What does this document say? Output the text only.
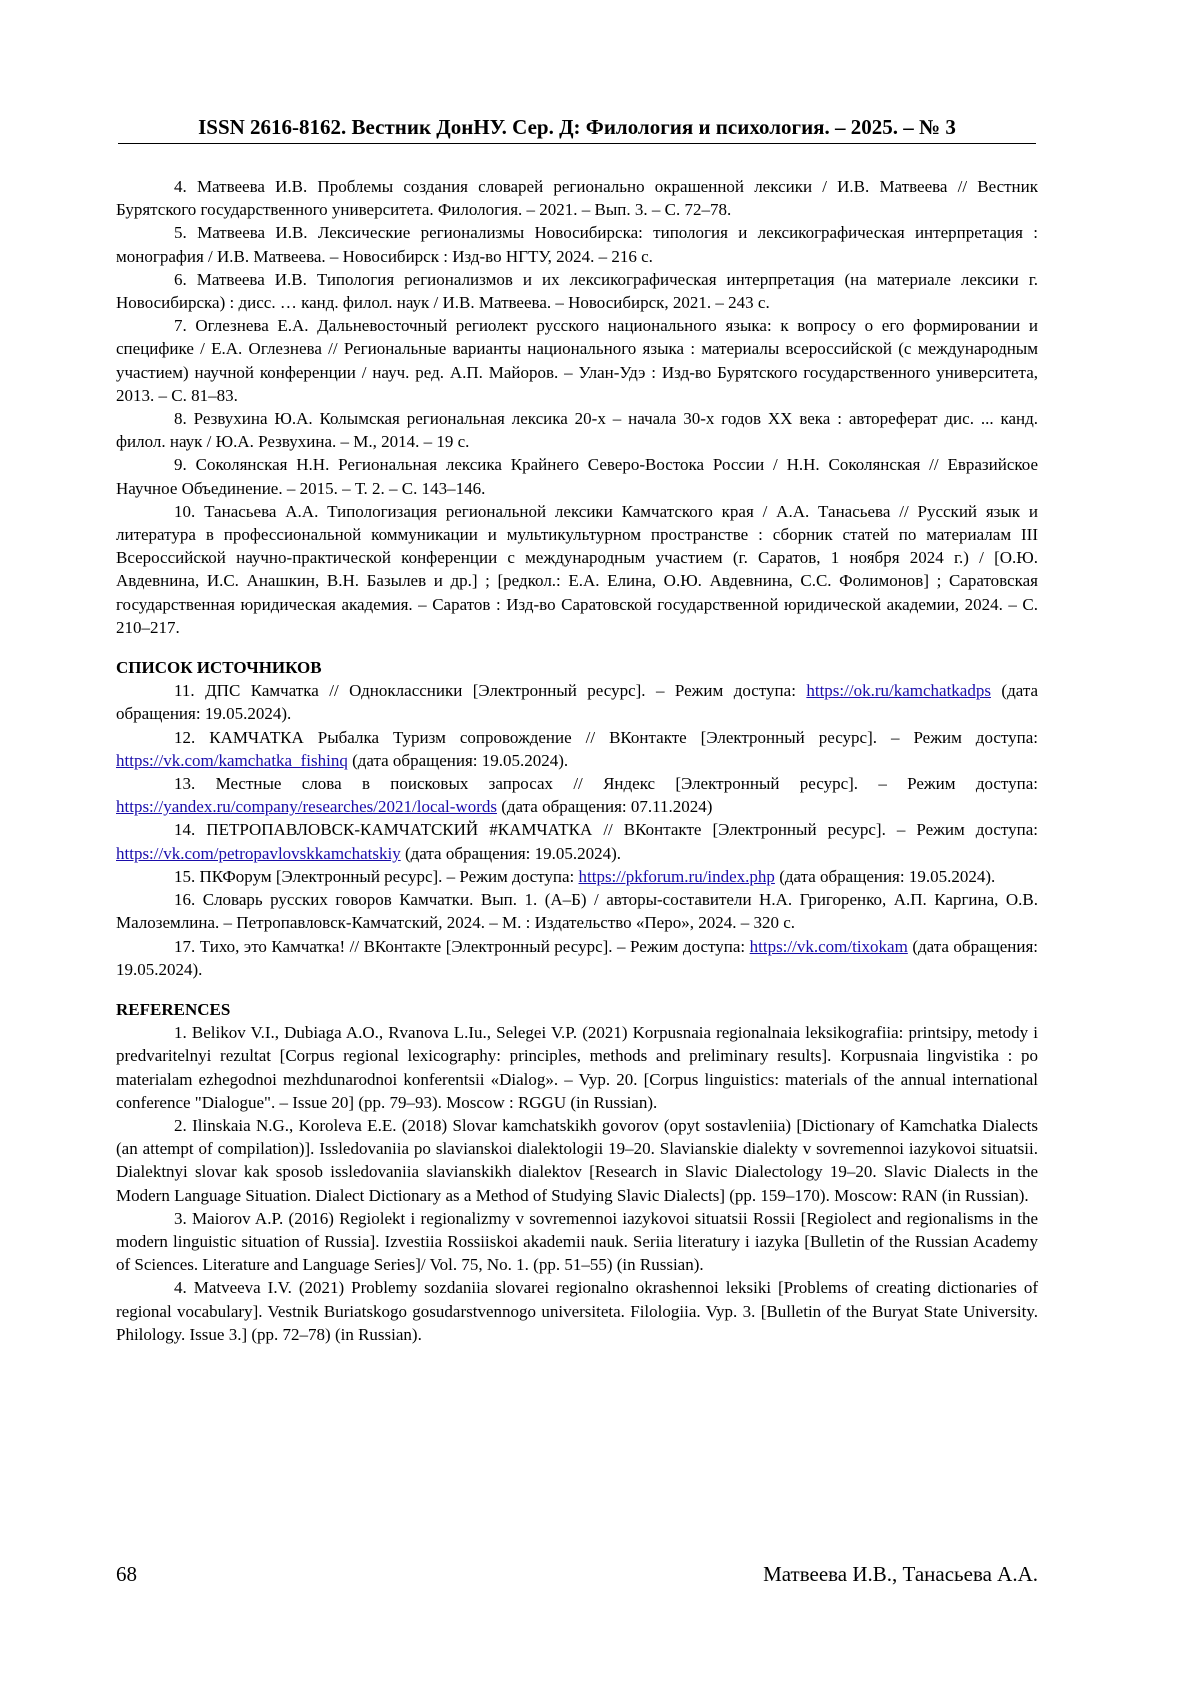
ISSN 2616-8162. Вестник ДонНУ. Сер. Д: Филология и психология. – 2025. – № 3

4. Матвеева И.В. Проблемы создания словарей регионально окрашенной лексики / И.В. Матвеева // Вестник Бурятского государственного университета. Филология. – 2021. – Вып. 3. – С. 72–78.

5. Матвеева И.В. Лексические регионализмы Новосибирска: типология и лексикографическая интерпретация : монография / И.В. Матвеева. – Новосибирск : Изд-во НГТУ, 2024. – 216 с.

6. Матвеева И.В. Типология регионализмов и их лексикографическая интерпретация (на материале лексики г. Новосибирска) : дисс. … канд. филол. наук / И.В. Матвеева. – Новосибирск, 2021. – 243 с.

7. Оглезнева Е.А. Дальневосточный региолект русского национального языка: к вопросу о его формировании и специфике / Е.А. Оглезнева // Региональные варианты национального языка : материалы всероссийской (с международным участием) научной конференции / науч. ред. А.П. Майоров. – Улан-Удэ : Изд-во Бурятского государственного университета, 2013. – С. 81–83.

8. Резвухина Ю.А. Колымская региональная лексика 20-х – начала 30-х годов XX века : автореферат дис. ... канд. филол. наук / Ю.А. Резвухина. – М., 2014. – 19 с.

9. Соколянская Н.Н. Региональная лексика Крайнего Северо-Востока России / Н.Н. Соколянская // Евразийское Научное Объединение. – 2015. – Т. 2. – С. 143–146.

10. Танасьева А.А. Типологизация региональной лексики Камчатского края / А.А. Танасьева // Русский язык и литература в профессиональной коммуникации и мультикультурном пространстве : сборник статей по материалам III Всероссийской научно-практической конференции с международным участием (г. Саратов, 1 ноября 2024 г.) / [О.Ю. Авдевнина, И.С. Анашкин, В.Н. Базылев и др.] ; [редкол.: Е.А. Елина, О.Ю. Авдевнина, С.С. Фолимонов] ; Саратовская государственная юридическая академия. – Саратов : Изд-во Саратовской государственной юридической академии, 2024. – С. 210–217.

СПИСОК ИСТОЧНИКОВ

11. ДПС Камчатка // Одноклассники [Электронный ресурс]. – Режим доступа: https://ok.ru/kamchatkadps (дата обращения: 19.05.2024).

12. КАМЧАТКА Рыбалка Туризм сопровождение // ВКонтакте [Электронный ресурс]. – Режим доступа: https://vk.com/kamchatka_fishinq (дата обращения: 19.05.2024).

13. Местные слова в поисковых запросах // Яндекс [Электронный ресурс]. – Режим доступа: https://yandex.ru/company/researches/2021/local-words (дата обращения: 07.11.2024)

14. ПЕТРОПАВЛОВСК-КАМЧАТСКИЙ #КАМЧАТКА // ВКонтакте [Электронный ресурс]. – Режим доступа: https://vk.com/petropavlovskkamchatskiy (дата обращения: 19.05.2024).

15. ПКФорум [Электронный ресурс]. – Режим доступа: https://pkforum.ru/index.php (дата обращения: 19.05.2024).

16. Словарь русских говоров Камчатки. Вып. 1. (А–Б) / авторы-составители Н.А. Григоренко, А.П. Каргина, О.В. Малоземлина. – Петропавловск-Камчатский, 2024. – М. : Издательство «Перо», 2024. – 320 с.

17. Тихо, это Камчатка! // ВКонтакте [Электронный ресурс]. – Режим доступа: https://vk.com/tixokam (дата обращения: 19.05.2024).

REFERENCES

1. Belikov V.I., Dubiaga A.O., Rvanova L.Iu., Selegei V.P. (2021) Korpusnaia regionalnaia leksikografiia: printsipy, metody i predvaritelnyi rezultat [Corpus regional lexicography: principles, methods and preliminary results]. Korpusnaia lingvistika : po materialam ezhegodnoi mezhdunarodnoi konferentsii «Dialog». – Vyp. 20. [Corpus linguistics: materials of the annual international conference "Dialogue". – Issue 20] (pp. 79–93). Moscow : RGGU (in Russian).

2. Ilinskaia N.G., Koroleva E.E. (2018) Slovar kamchatskikh govorov (opyt sostavleniia) [Dictionary of Kamchatka Dialects (an attempt of compilation)]. Issledovaniia po slavianskoi dialektologii 19–20. Slavianskie dialekty v sovremennoi iazykovoi situatsii. Dialektnyi slovar kak sposob issledovaniia slavianskikh dialektov [Research in Slavic Dialectology 19–20. Slavic Dialects in the Modern Language Situation. Dialect Dictionary as a Method of Studying Slavic Dialects] (pp. 159–170). Moscow: RAN (in Russian).

3. Maiorov A.P. (2016) Regiolekt i regionalizmy v sovremennoi iazykovoi situatsii Rossii [Regiolect and regionalisms in the modern linguistic situation of Russia]. Izvestiia Rossiiskoi akademii nauk. Seriia literatury i iazyka [Bulletin of the Russian Academy of Sciences. Literature and Language Series]/ Vol. 75, No. 1. (pp. 51–55) (in Russian).

4. Matveeva I.V. (2021) Problemy sozdaniia slovarei regionalno okrashennoi leksiki [Problems of creating dictionaries of regional vocabulary]. Vestnik Buriatskogo gosudarstvennogo universiteta. Filologiia. Vyp. 3. [Bulletin of the Buryat State University. Philology. Issue 3.] (pp. 72–78) (in Russian).

68	Матвеева И.В., Танасьева А.А.
